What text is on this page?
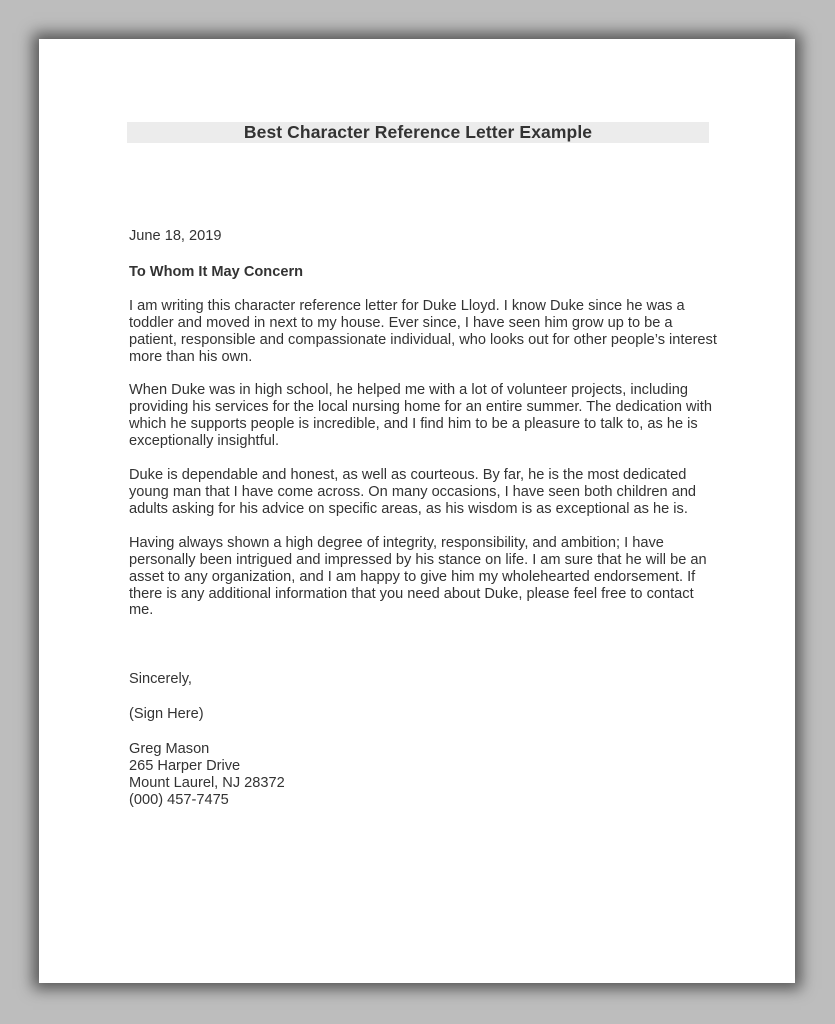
Best Character Reference Letter Example

June 18, 2019

To Whom It May Concern

I am writing this character reference letter for Duke Lloyd. I know Duke since he was a toddler and moved in next to my house. Ever since, I have seen him grow up to be a patient, responsible and compassionate individual, who looks out for other people’s interest more than his own.

When Duke was in high school, he helped me with a lot of volunteer projects, including providing his services for the local nursing home for an entire summer. The dedication with which he supports people is incredible, and I find him to be a pleasure to talk to, as he is exceptionally insightful.

Duke is dependable and honest, as well as courteous. By far, he is the most dedicated young man that I have come across. On many occasions, I have seen both children and adults asking for his advice on specific areas, as his wisdom is as exceptional as he is.

Having always shown a high degree of integrity, responsibility, and ambition; I have personally been intrigued and impressed by his stance on life. I am sure that he will be an asset to any organization, and I am happy to give him my wholehearted endorsement. If there is any additional information that you need about Duke, please feel free to contact me.

Sincerely,

(Sign Here)

Greg Mason
265 Harper Drive
Mount Laurel, NJ 28372
(000) 457-7475
